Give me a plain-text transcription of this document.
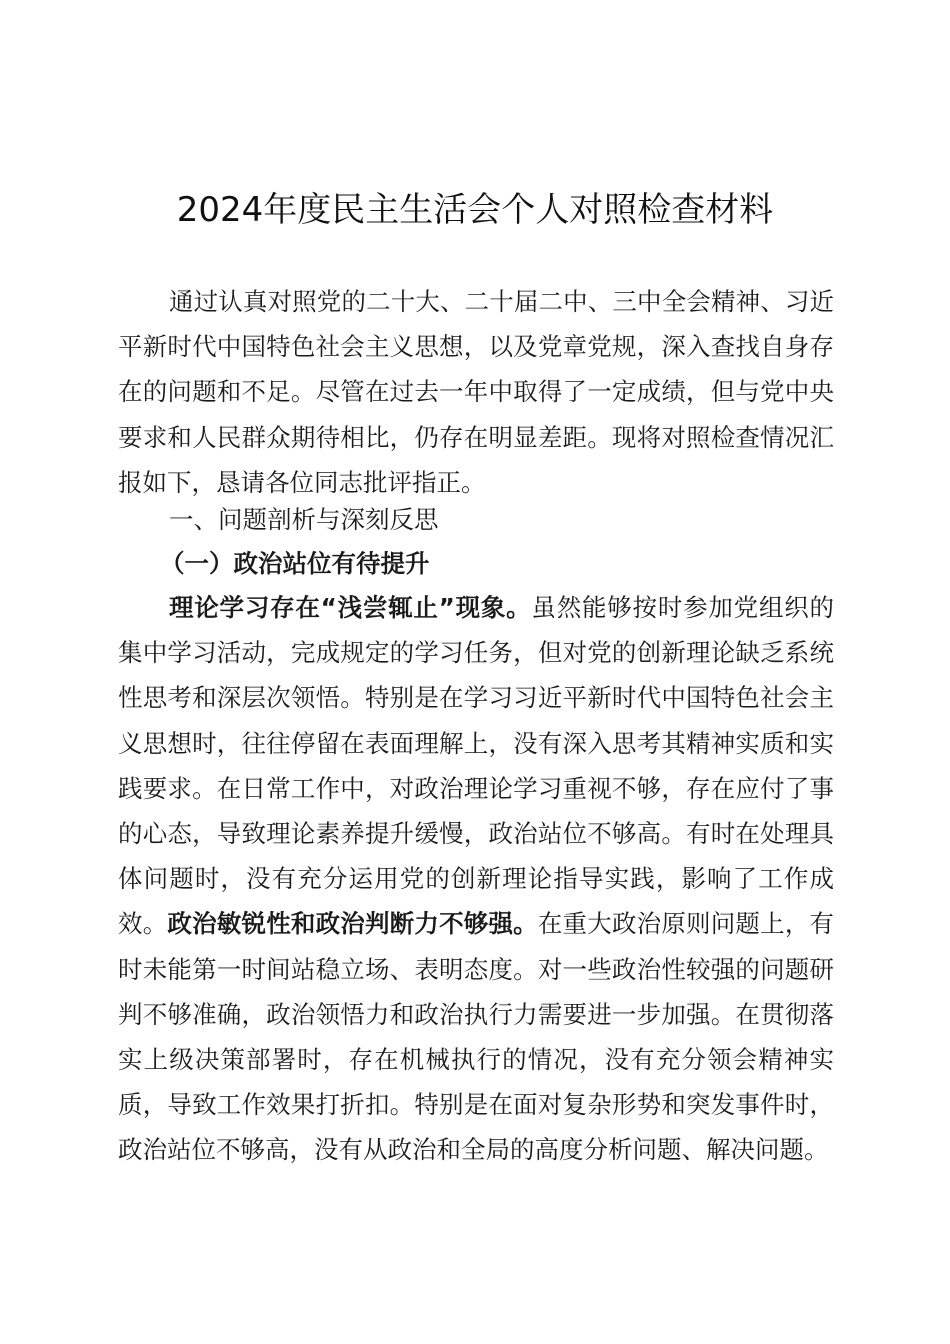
2024年度民主生活会个人对照检查材料

通过认真对照党的二十大、二十届二中、三中全会精神、习近平新时代中国特色社会主义思想，以及党章党规，深入查找自身存在的问题和不足。尽管在过去一年中取得了一定成绩，但与党中央要求和人民群众期待相比，仍存在明显差距。现将对照检查情况汇报如下，恳请各位同志批评指正。

一、问题剖析与深刻反思
（一）政治站位有待提升

理论学习存在“浅尝辄止”现象。虽然能够按时参加党组织的集中学习活动，完成规定的学习任务，但对党的创新理论缺乏系统性思考和深层次领悟。特别是在学习习近平新时代中国特色社会主义思想时，往往停留在表面理解上，没有深入思考其精神实质和实践要求。在日常工作中，对政治理论学习重视不够，存在应付了事的心态，导致理论素养提升缓慢，政治站位不够高。有时在处理具体问题时，没有充分运用党的创新理论指导实践，影响了工作成效。政治敏锐性和政治判断力不够强。在重大政治原则问题上，有时未能第一时间站稳立场、表明态度。对一些政治性较强的问题研判不够准确，政治领悟力和政治执行力需要进一步加强。在贯彻落实上级决策部署时，存在机械执行的情况，没有充分领会精神实质，导致工作效果打折扣。特别是在面对复杂形势和突发事件时，政治站位不够高，没有从政治和全局的高度分析问题、解决问题。
